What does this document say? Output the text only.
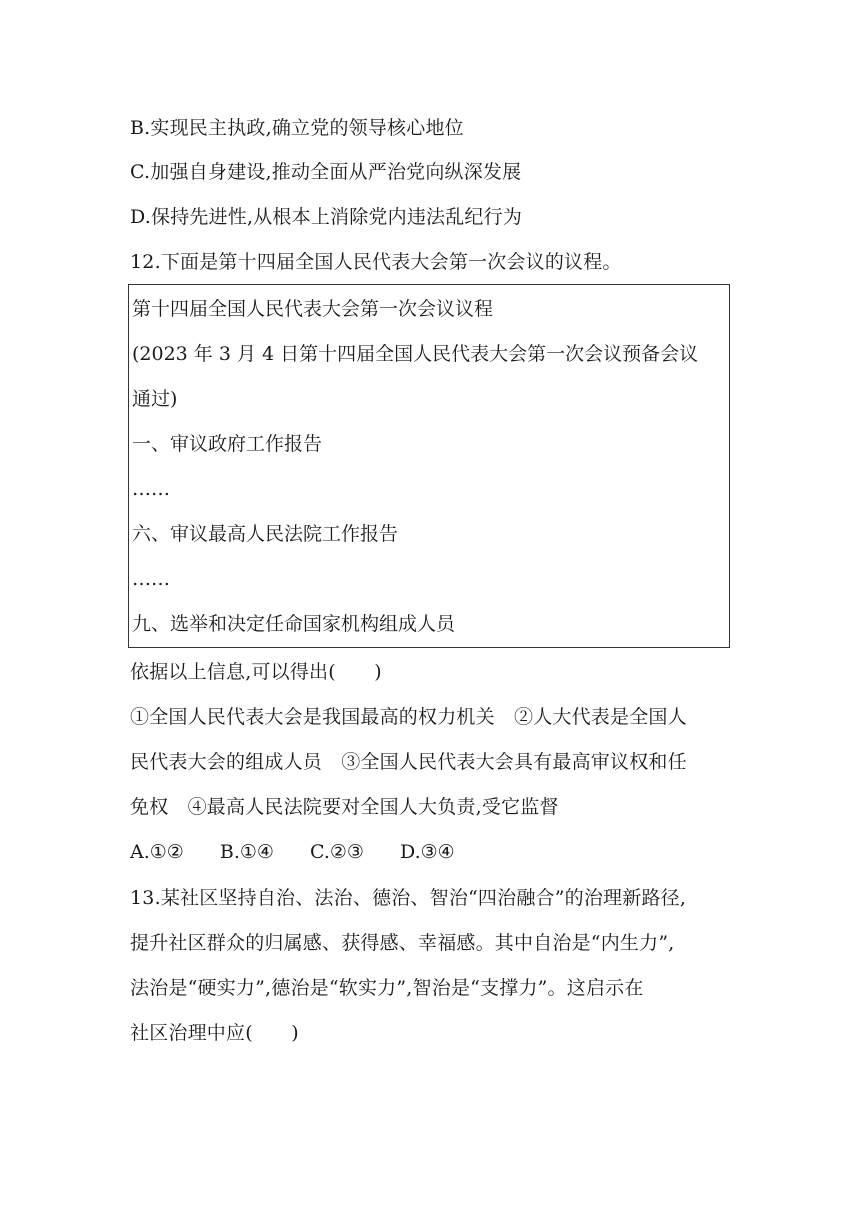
B.实现民主执政,确立党的领导核心地位
C.加强自身建设,推动全面从严治党向纵深发展
D.保持先进性,从根本上消除党内违法乱纪行为
12.下面是第十四届全国人民代表大会第一次会议的议程。
第十四届全国人民代表大会第一次会议议程
(2023 年 3 月 4 日第十四届全国人民代表大会第一次会议预备会议
通过)
一、审议政府工作报告
……
六、审议最高人民法院工作报告
……
九、选举和决定任命国家机构组成人员
依据以上信息,可以得出(　　)
①全国人民代表大会是我国最高的权力机关　②人大代表是全国人
民代表大会的组成人员　③全国人民代表大会具有最高审议权和任
免权　④最高人民法院要对全国人大负责,受它监督
A.①② B.①④ C.②③ D.③④
13.某社区坚持自治、法治、德治、智治“四治融合”的治理新路径,
提升社区群众的归属感、获得感、幸福感。其中自治是“内生力”,
法治是“硬实力”,德治是“软实力”,智治是“支撑力”。这启示在
社区治理中应(　　)
